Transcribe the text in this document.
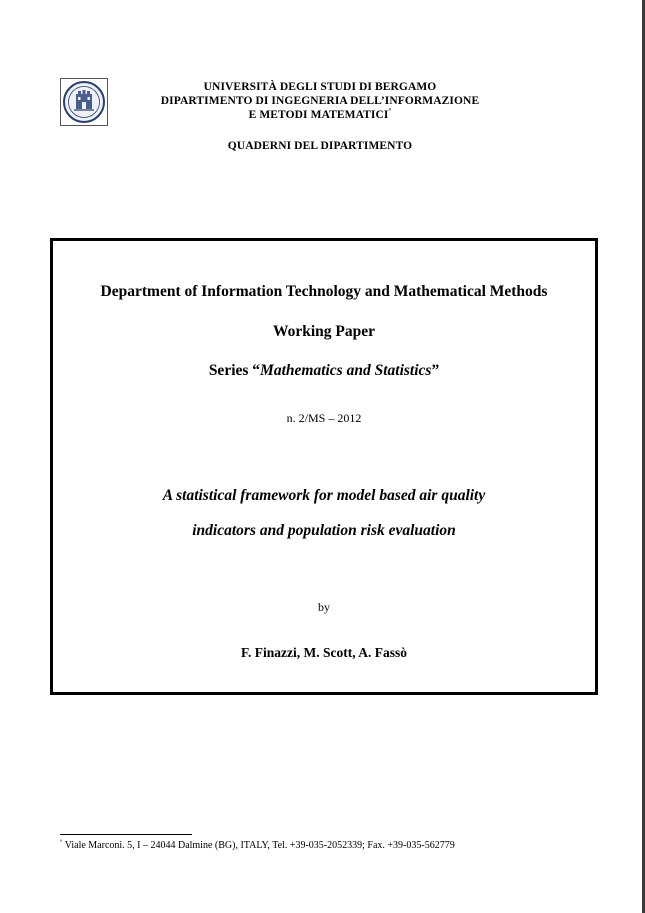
UNIVERSITÀ DEGLI STUDI DI BERGAMO
DIPARTIMENTO DI INGEGNERIA DELL’INFORMAZIONE
E METODI MATEMATICI°
QUADERNI DEL DIPARTIMENTO
Department of Information Technology and Mathematical Methods
Working Paper
Series “Mathematics and Statistics”
n. 2/MS – 2012
A statistical framework for model based air quality
indicators and population risk evaluation
by
F. Finazzi, M. Scott, A. Fassò
° Viale Marconi. 5, I – 24044 Dalmine (BG), ITALY, Tel. +39-035-2052339; Fax. +39-035-562779
